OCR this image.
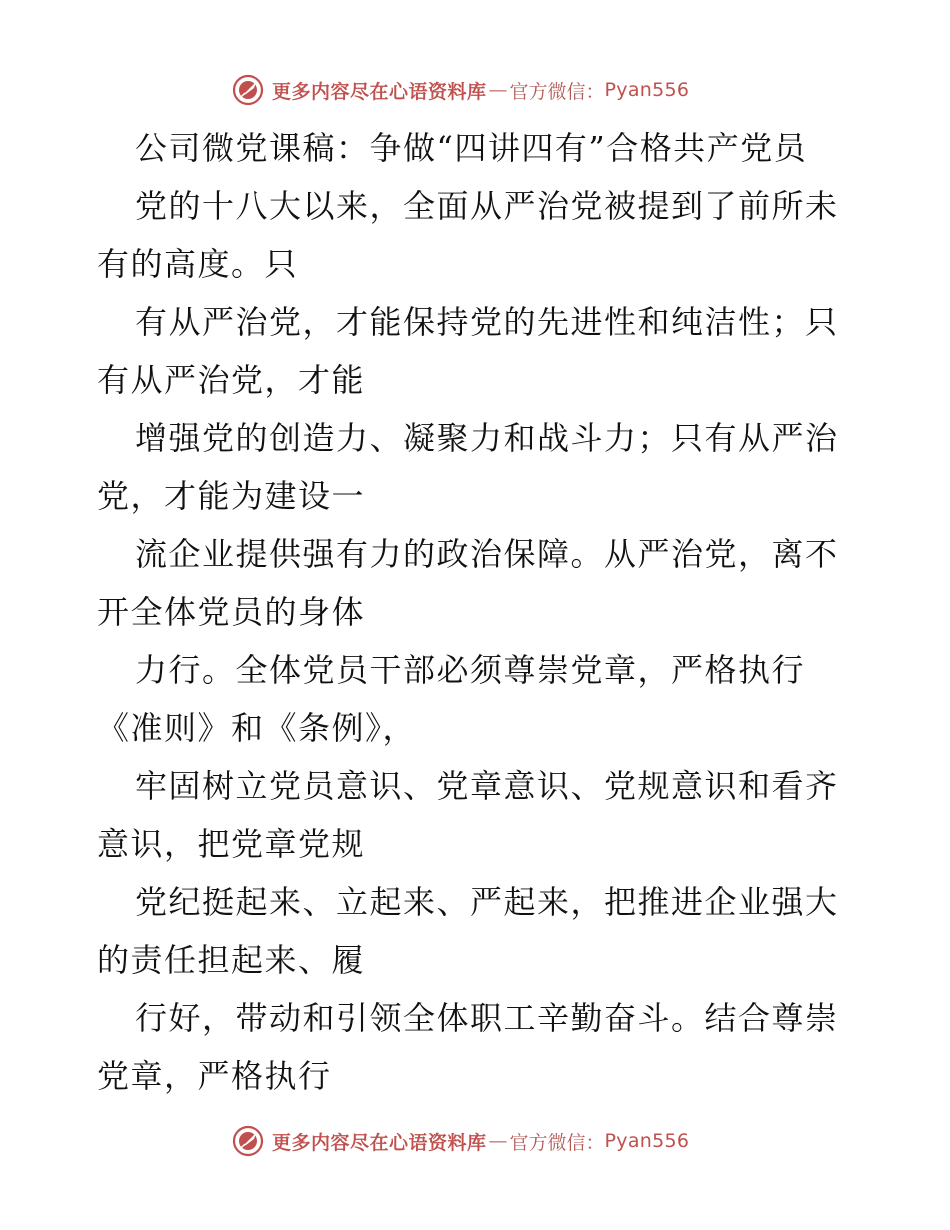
更多内容尽在心语资料库 — 官方微信： Pyan556
公司微党课稿：争做“四讲四有”合格共产党员
党的十八大以来，全面从严治党被提到了前所未
有的高度。只
有从严治党，才能保持党的先进性和纯洁性；只
有从严治党，才能
增强党的创造力、凝聚力和战斗力；只有从严治
党，才能为建设一
流企业提供强有力的政治保障。从严治党，离不
开全体党员的身体
力行。全体党员干部必须尊崇党章，严格执行
《准则》和《条例》，
牢固树立党员意识、党章意识、党规意识和看齐
意识，把党章党规
党纪挺起来、立起来、严起来，把推进企业强大
的责任担起来、履
行好，带动和引领全体职工辛勤奋斗。结合尊崇
党章，严格执行
更多内容尽在心语资料库 — 官方微信： Pyan556
